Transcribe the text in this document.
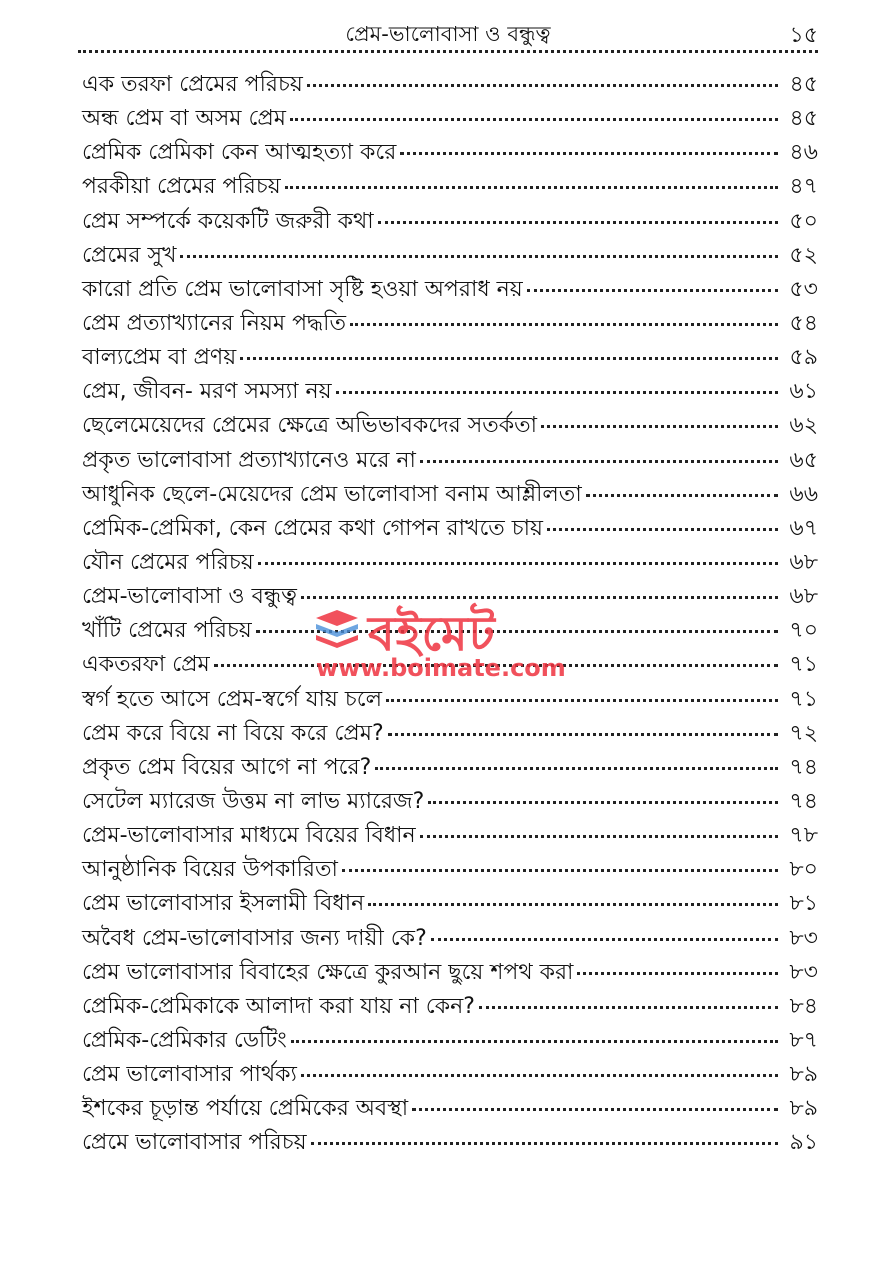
প্রেম-ভালোবাসা ও বন্ধুত্ব	১৫
এক তরফা প্রেমের পরিচয়	৪৫
অন্ধ প্রেম বা অসম প্রেম	৪৫
প্রেমিক প্রেমিকা কেন আত্মহত্যা করে	৪৬
পরকীয়া প্রেমের পরিচয়	৪৭
প্রেম সম্পর্কে কয়েকটি জরুরী কথা	৫০
প্রেমের সুখ	৫২
কারো প্রতি প্রেম ভালোবাসা সৃষ্টি হওয়া অপরাধ নয়	৫৩
প্রেম প্রত্যাখ্যানের নিয়ম পদ্ধতি	৫৪
বাল্যপ্রেম বা প্রণয়	৫৯
প্রেম, জীবন- মরণ সমস্যা নয়	৬১
ছেলেমেয়েদের প্রেমের ক্ষেত্রে অভিভাবকদের সতর্কতা	৬২
প্রকৃত ভালোবাসা প্রত্যাখ্যানেও মরে না	৬৫
আধুনিক ছেলে-মেয়েদের প্রেম ভালোবাসা বনাম আশ্লীলতা	৬৬
প্রেমিক-প্রেমিকা, কেন প্রেমের কথা গোপন রাখতে চায়	৬৭
যৌন প্রেমের পরিচয়	৬৮
প্রেম-ভালোবাসা ও বন্ধুত্ব	৬৮
খাঁটি প্রেমের পরিচয়	৭০
একতরফা প্রেম	৭১
স্বর্গ হতে আসে প্রেম-স্বর্গে যায় চলে	৭১
প্রেম করে বিয়ে না বিয়ে করে প্রেম?	৭২
প্রকৃত প্রেম বিয়ের আগে না পরে?	৭৪
সেটেল ম্যারেজ উত্তম না লাভ ম্যারেজ?	৭৪
প্রেম-ভালোবাসার মাধ্যমে বিয়ের বিধান	৭৮
আনুষ্ঠানিক বিয়ের উপকারিতা	৮০
প্রেম ভালোবাসার ইসলামী বিধান	৮১
অবৈধ প্রেম-ভালোবাসার জন্য দায়ী কে?	৮৩
প্রেম ভালোবাসার বিবাহের ক্ষেত্রে কুরআন ছুয়ে শপথ করা	৮৩
প্রেমিক-প্রেমিকাকে আলাদা করা যায় না কেন?	৮৪
প্রেমিক-প্রেমিকার ডেটিং	৮৭
প্রেম ভালোবাসার পার্থক্য	৮৯
ইশকের চূড়ান্ত পর্যায়ে প্রেমিকের অবস্থা	৮৯
প্রেমে ভালোবাসার পরিচয়	৯১
বইমেট
www.boimate.com
